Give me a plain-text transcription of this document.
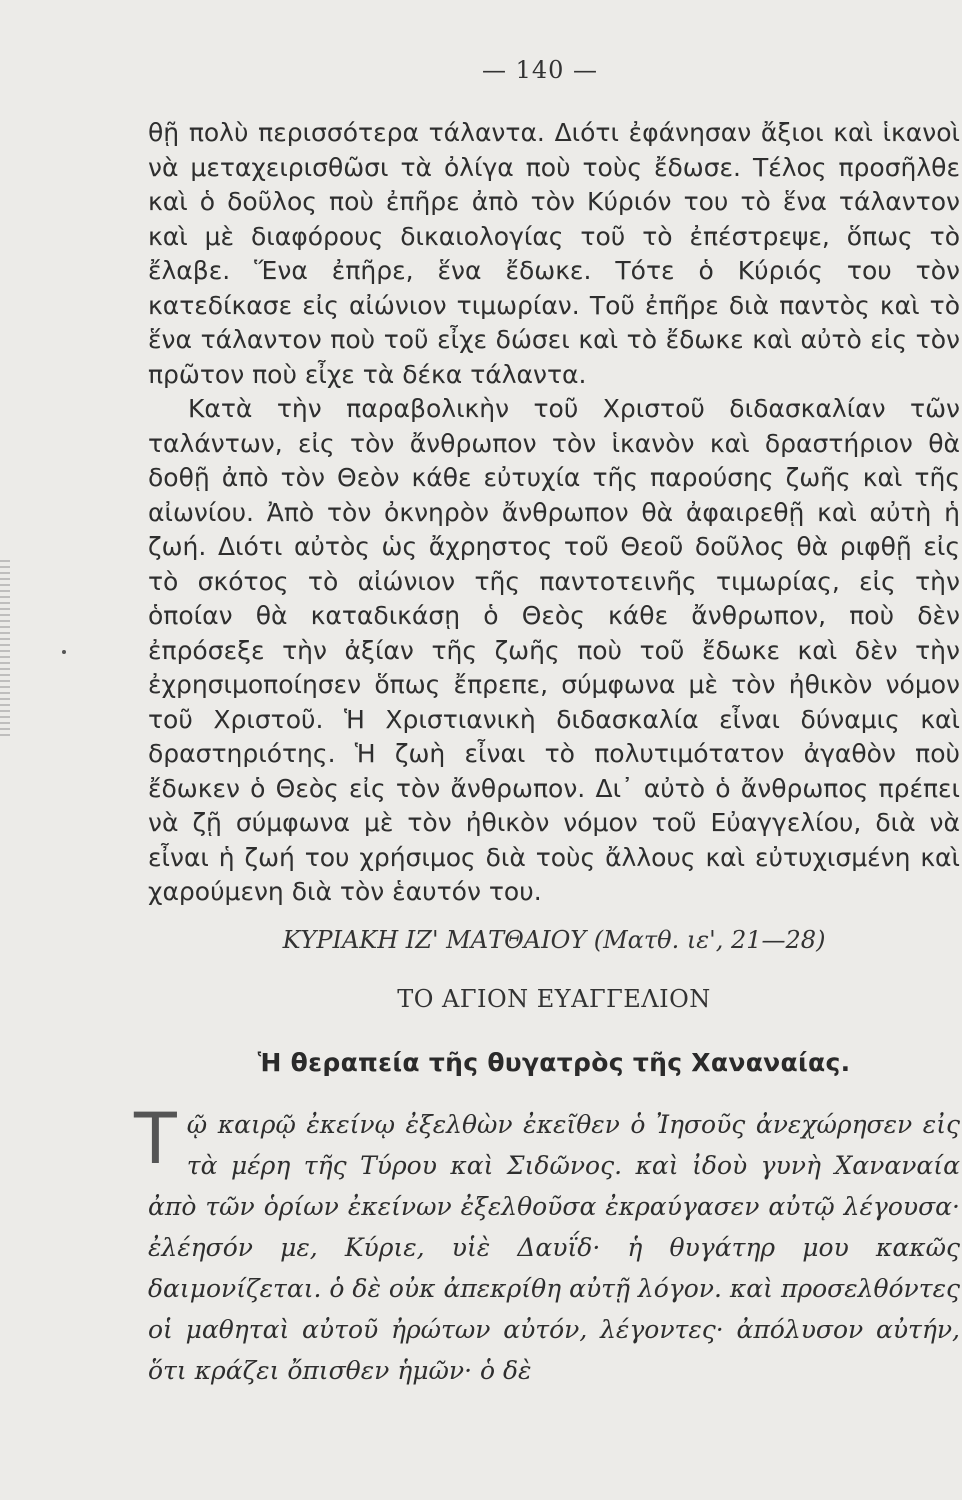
— 140 —

θῇ πολὺ περισσότερα τάλαντα. Διότι ἐφάνησαν ἄξιοι καὶ ἱκανοὶ νὰ μεταχειρισθῶσι τὰ ὀλίγα ποὺ τοὺς ἔδωσε. Τέλος προσῆλθε καὶ ὁ δοῦλος ποὺ ἐπῆρε ἀπὸ τὸν Κύριόν του τὸ ἕνα τάλαντον καὶ μὲ διαφόρους δικαιολογίας τοῦ τὸ ἐπέστρεψε, ὅπως τὸ ἔλαβε. Ἕνα ἐπῆρε, ἕνα ἔδωκε. Τότε ὁ Κύριός του τὸν κατεδίκασε εἰς αἰώνιον τιμωρίαν. Τοῦ ἐπῆρε διὰ παντὸς καὶ τὸ ἕνα τάλαντον ποὺ τοῦ εἶχε δώσει καὶ τὸ ἔδωκε καὶ αὐτὸ εἰς τὸν πρῶτον ποὺ εἶχε τὰ δέκα τάλαντα.

Κατὰ τὴν παραβολικὴν τοῦ Χριστοῦ διδασκαλίαν τῶν ταλάντων, εἰς τὸν ἄνθρωπον τὸν ἱκανὸν καὶ δραστήριον θὰ δοθῇ ἀπὸ τὸν Θεὸν κάθε εὐτυχία τῆς παρούσης ζωῆς καὶ τῆς αἰωνίου. Ἀπὸ τὸν ὀκνηρὸν ἄνθρωπον θὰ ἀφαιρεθῇ καὶ αὐτὴ ἡ ζωή. Διότι αὐτὸς ὡς ἄχρηστος τοῦ Θεοῦ δοῦλος θὰ ριφθῇ εἰς τὸ σκότος τὸ αἰώνιον τῆς παντοτεινῆς τιμωρίας, εἰς τὴν ὁποίαν θὰ καταδικάσῃ ὁ Θεὸς κάθε ἄνθρωπον, ποὺ δὲν ἐπρόσεξε τὴν ἀξίαν τῆς ζωῆς ποὺ τοῦ ἔδωκε καὶ δὲν τὴν ἐχρησιμοποίησεν ὅπως ἔπρεπε, σύμφωνα μὲ τὸν ἠθικὸν νόμον τοῦ Χριστοῦ. Ἡ Χριστιανικὴ διδασκαλία εἶναι δύναμις καὶ δραστηριότης. Ἡ ζωὴ εἶναι τὸ πολυτιμότατον ἀγαθὸν ποὺ ἔδωκεν ὁ Θεὸς εἰς τὸν ἄνθρωπον. Δι᾽ αὐτὸ ὁ ἄνθρωπος πρέπει νὰ ζῇ σύμφωνα μὲ τὸν ἠθικὸν νόμον τοῦ Εὐαγγελίου, διὰ νὰ εἶναι ἡ ζωή του χρήσιμος διὰ τοὺς ἄλλους καὶ εὐτυχισμένη καὶ χαρούμενη διὰ τὸν ἑαυτόν του.

ΚΥΡΙΑΚΗ ΙΖ' ΜΑΤΘΑΙΟΥ (Ματθ. ιε', 21—28)
ΤΟ ΑΓΙΟΝ ΕΥΑΓΓΕΛΙΟΝ
Ἡ θεραπεία τῆς θυγατρὸς τῆς Χαναναίας.
Τ ῷ καιρῷ ἐκείνῳ ἐξελθὼν ἐκεῖθεν ὁ Ἰησοῦς ἀνεχώρησεν εἰς τὰ μέρη τῆς Τύρου καὶ Σιδῶνος. καὶ ἰδοὺ γυνὴ Χαναναία ἀπὸ τῶν ὁρίων ἐκείνων ἐξελθοῦσα ἐκραύγασεν αὐτῷ λέγουσα· ἐλέησόν με, Κύριε, υἱὲ Δαυΐδ· ἡ θυγάτηρ μου κακῶς δαιμονίζεται. ὁ δὲ οὐκ ἀπεκρίθη αὐτῇ λόγον. καὶ προσελθόντες οἱ μαθηταὶ αὐτοῦ ἠρώτων αὐτόν, λέγοντες· ἀπόλυσον αὐτήν, ὅτι κράζει ὄπισθεν ἡμῶν· ὁ δὲ
